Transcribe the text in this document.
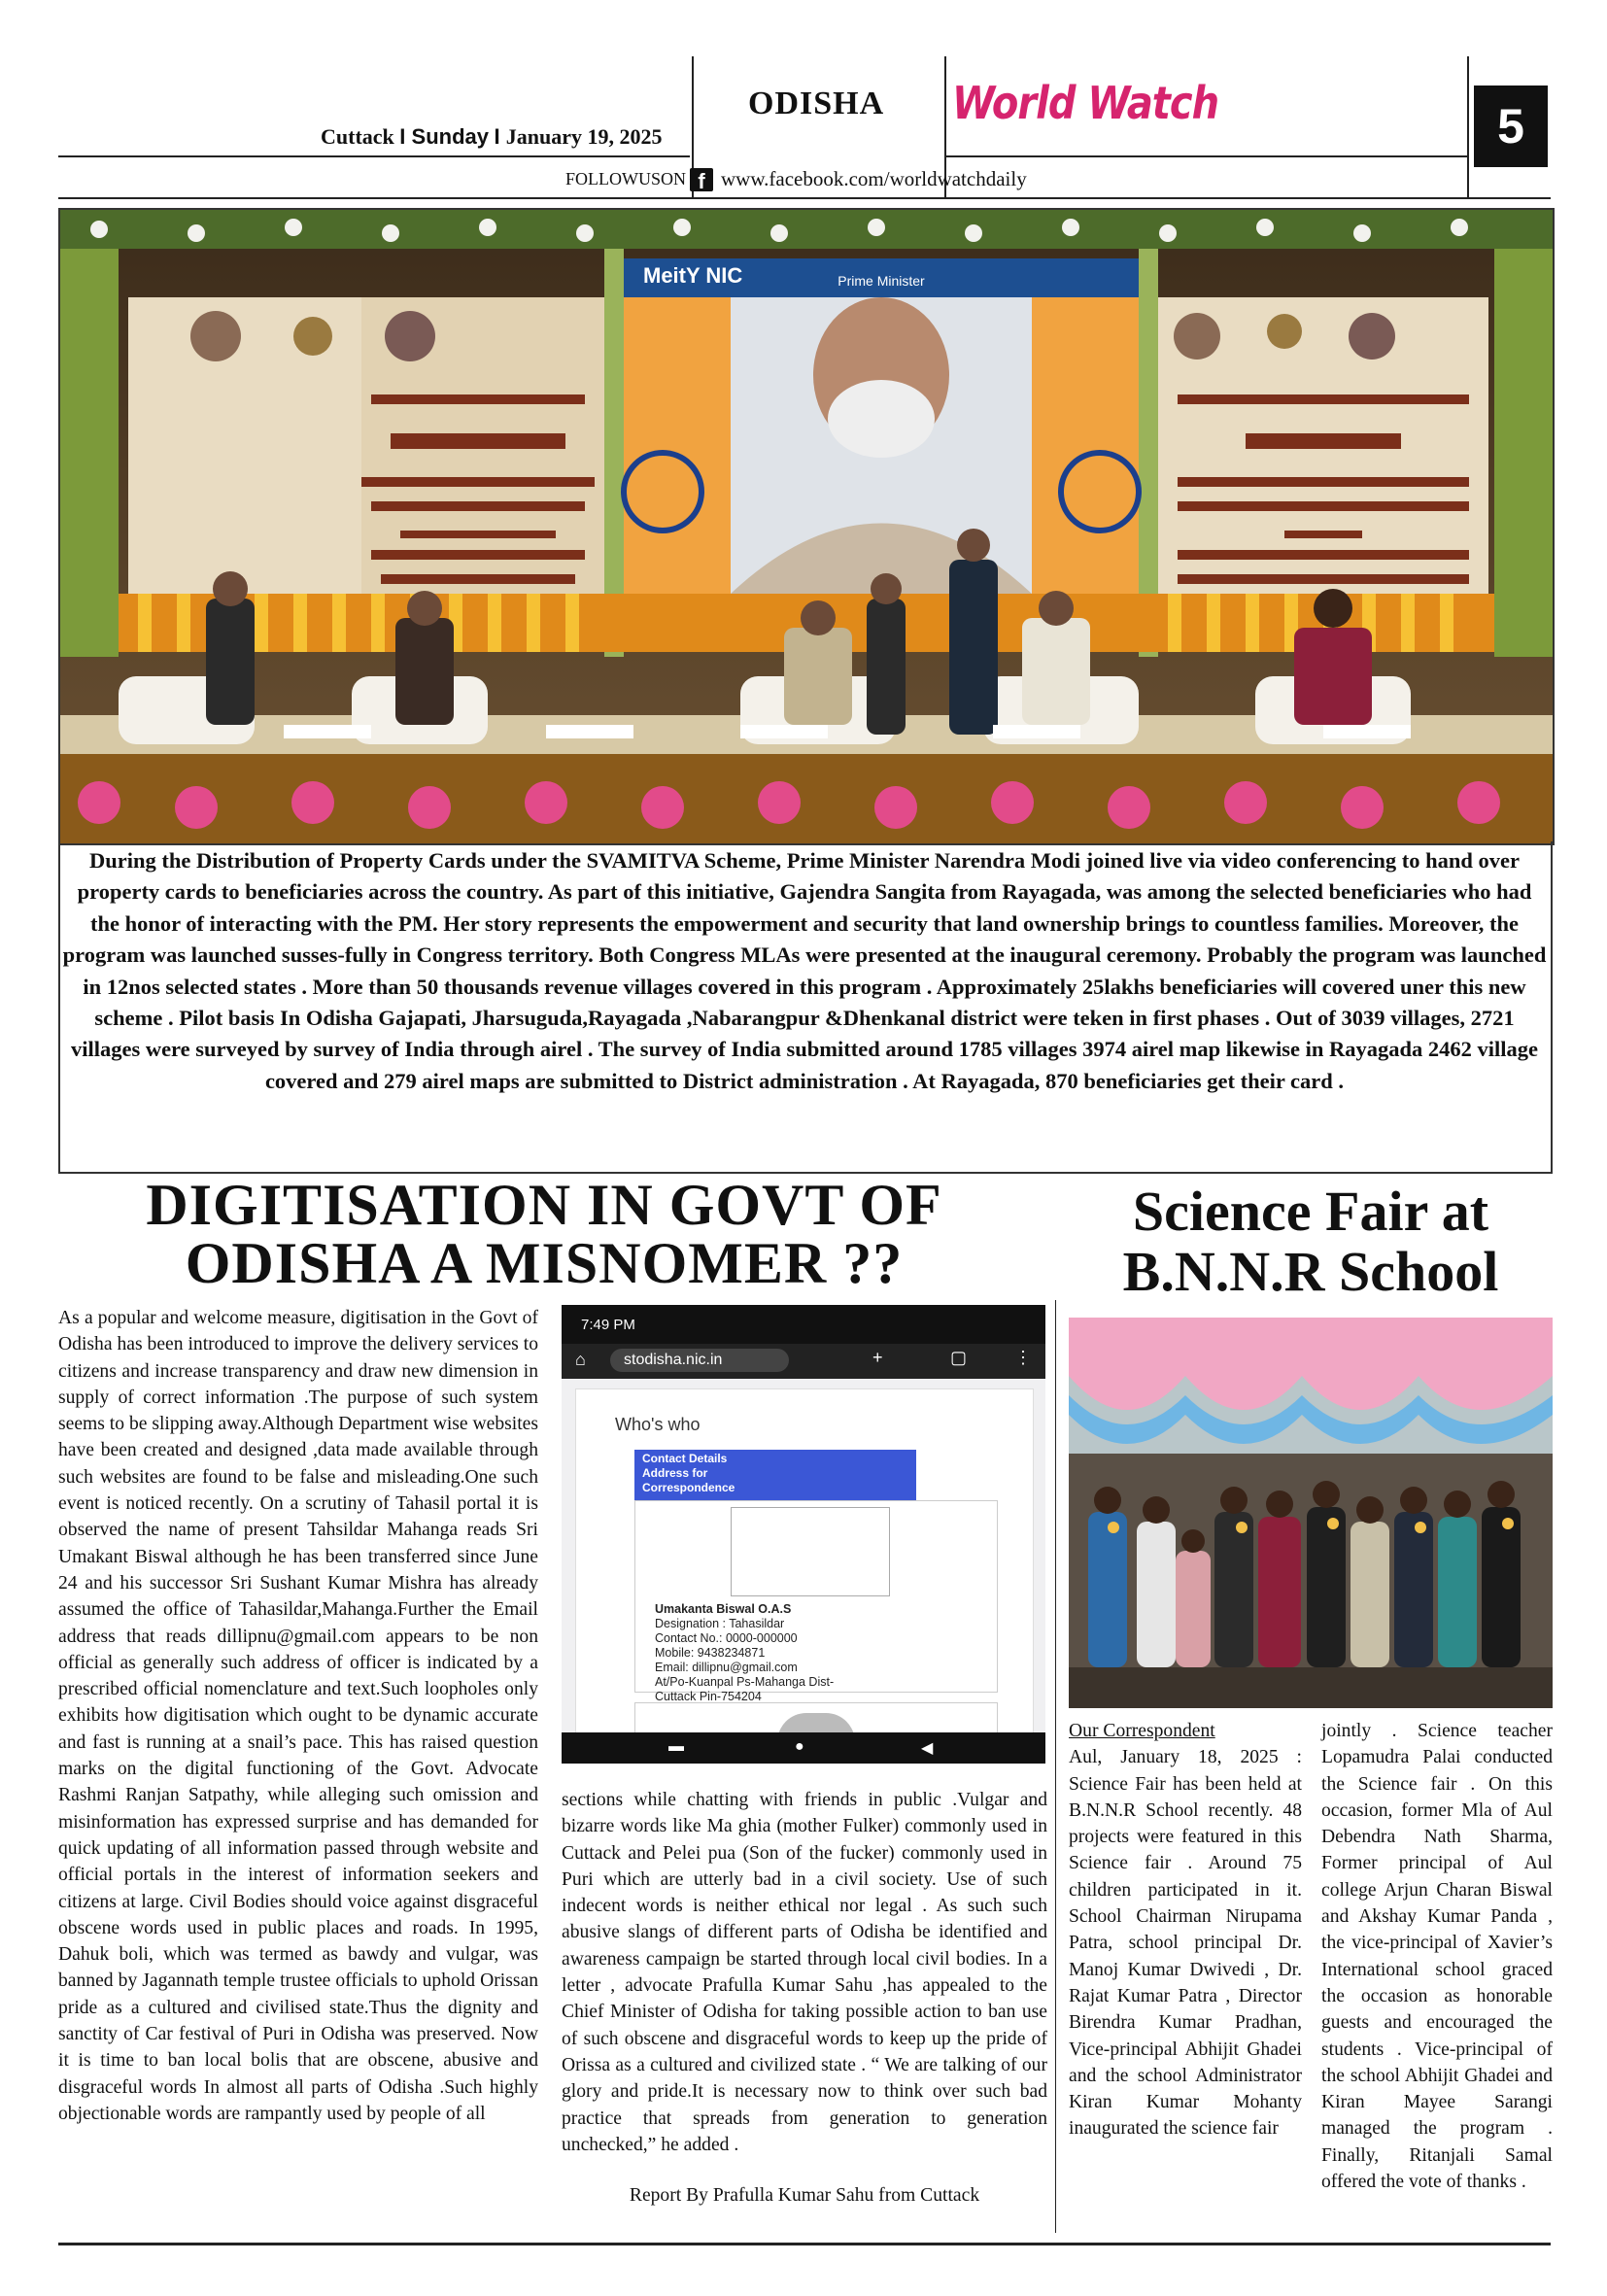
Cuttack I Sunday I January 19, 2025
ODISHA World Watch	5
FOLLOWUSON f www.facebook.com/worldwatchdaily
Prime Minister
MeitY NIC
During the Distribution of Property Cards under the SVAMITVA Scheme, Prime Minister Narendra Modi joined live via video conferencing to hand over property cards to beneficiaries across the country. As part of this initiative, Gajendra Sangita from Rayagada, was among the selected beneficiaries who had the honor of interacting with the PM. Her story represents the empowerment and security that land ownership brings to countless families. Moreover, the program was launched susses-fully in Congress territory. Both Congress MLAs were presented at the inaugural ceremony. Probably the program was launched in 12nos selected states . More than 50 thousands revenue villages covered in this program . Approximately 25lakhs beneficiaries will covered uner this new scheme . Pilot basis In Odisha Gajapati, Jharsuguda,Rayagada ,Nabarangpur &Dhenkanal district were teken in first phases . Out of 3039 villages, 2721 villages were surveyed by survey of India through airel . The survey of India submitted around 1785 villages 3974 airel map likewise in Rayagada 2462 village covered and 279 airel maps are submitted to District administration . At Rayagada, 870 beneficiaries get their card .
DIGITISATION IN GOVT OF
ODISHA A MISNOMER ??
As a popular and welcome measure, digitisation in the Govt of Odisha has been introduced to improve the delivery services to citizens and increase transparency and draw new dimension in supply of correct information .The purpose of such system seems to be slipping away.Although Department wise websites have been created and designed ,data made available through such websites are found to be false and misleading.One such event is noticed recently. On a scrutiny of Tahasil portal it is observed the name of present Tahsildar Mahanga reads Sri Umakant Biswal although he has been transferred since June 24 and his successor Sri Sushant Kumar Mishra has already assumed the office of Tahasildar,Mahanga.Further the Email address that reads dillipnu@gmail.com appears to be non official as generally such address of officer is indicated by a prescribed official nomenclature and text.Such loopholes only exhibits how digitisation which ought to be dynamic accurate and fast is running at a snail’s pace. This has raised question marks on the digital functioning of the Govt. Advocate Rashmi Ranjan Satpathy, while alleging such omission and misinformation has expressed surprise and has demanded for quick updating of all information passed through website and official portals in the interest of information seekers and citizens at large. Civil Bodies should voice against disgraceful obscene words used in public places and roads. In 1995, Dahuk boli, which was termed as bawdy and vulgar, was banned by Jagannath temple trustee officials to uphold Orissan pride as a cultured and civilised state.Thus the dignity and sanctity of Car festival of Puri in Odisha was preserved. Now it is time to ban local bolis that are obscene, abusive and disgraceful words In almost all parts of Odisha .Such highly objectionable words are rampantly used by people of all
7:49 PM
⌂	stodisha.nic.in	+	▢	⋮
Who's who
Contact Details
Address for
Correspondence
Umakanta Biswal O.A.S
Designation : Tahasildar
Contact No.: 0000-000000
Mobile: 9438234871
Email: dillipnu@gmail.com
At/Po-Kuanpal Ps-Mahanga Dist-
Cuttack Pin-754204
▬	●	◀
sections while chatting with friends in public .Vulgar and bizarre words like Ma ghia (mother Fulker) commonly used in Cuttack and Pelei pua (Son of the fucker) commonly used in Puri which are utterly bad in a civil society. Use of such indecent words is neither ethical nor legal . As such such abusive slangs of different parts of Odisha be identified and awareness campaign be started through local civil bodies. In a letter , advocate Prafulla Kumar Sahu ,has appealed to the Chief Minister of Odisha for taking possible action to ban use of such obscene and disgraceful words to keep up the pride of Orissa as a cultured and civilized state . “ We are talking of our glory and pride.It is necessary now to think over such bad practice that spreads from generation to generation unchecked,” he added .
Report By Prafulla Kumar Sahu from Cuttack
Science Fair at
B.N.N.R School
Our Correspondent
Aul, January 18, 2025 : Science Fair has been held at B.N.N.R School recently. 48 projects were featured in this Science fair . Around 75 children participated in it. School Chairman Nirupama Patra, school principal Dr. Manoj Kumar Dwivedi , Dr. Rajat Kumar Patra , Director Birendra Kumar Pradhan, Vice-principal Abhijit Ghadei and the school Administrator Kiran Kumar Mohanty inaugurated the science fair
jointly . Science teacher Lopamudra Palai conducted the Science fair . On this occasion, former Mla of Aul Debendra Nath Sharma, Former principal of Aul college Arjun Charan Biswal and Akshay Kumar Panda , the vice-principal of Xavier’s International school graced the occasion as honorable guests and encouraged the students . Vice-principal of the school Abhijit Ghadei and Kiran Mayee Sarangi managed the program . Finally, Ritanjali Samal offered the vote of thanks .
